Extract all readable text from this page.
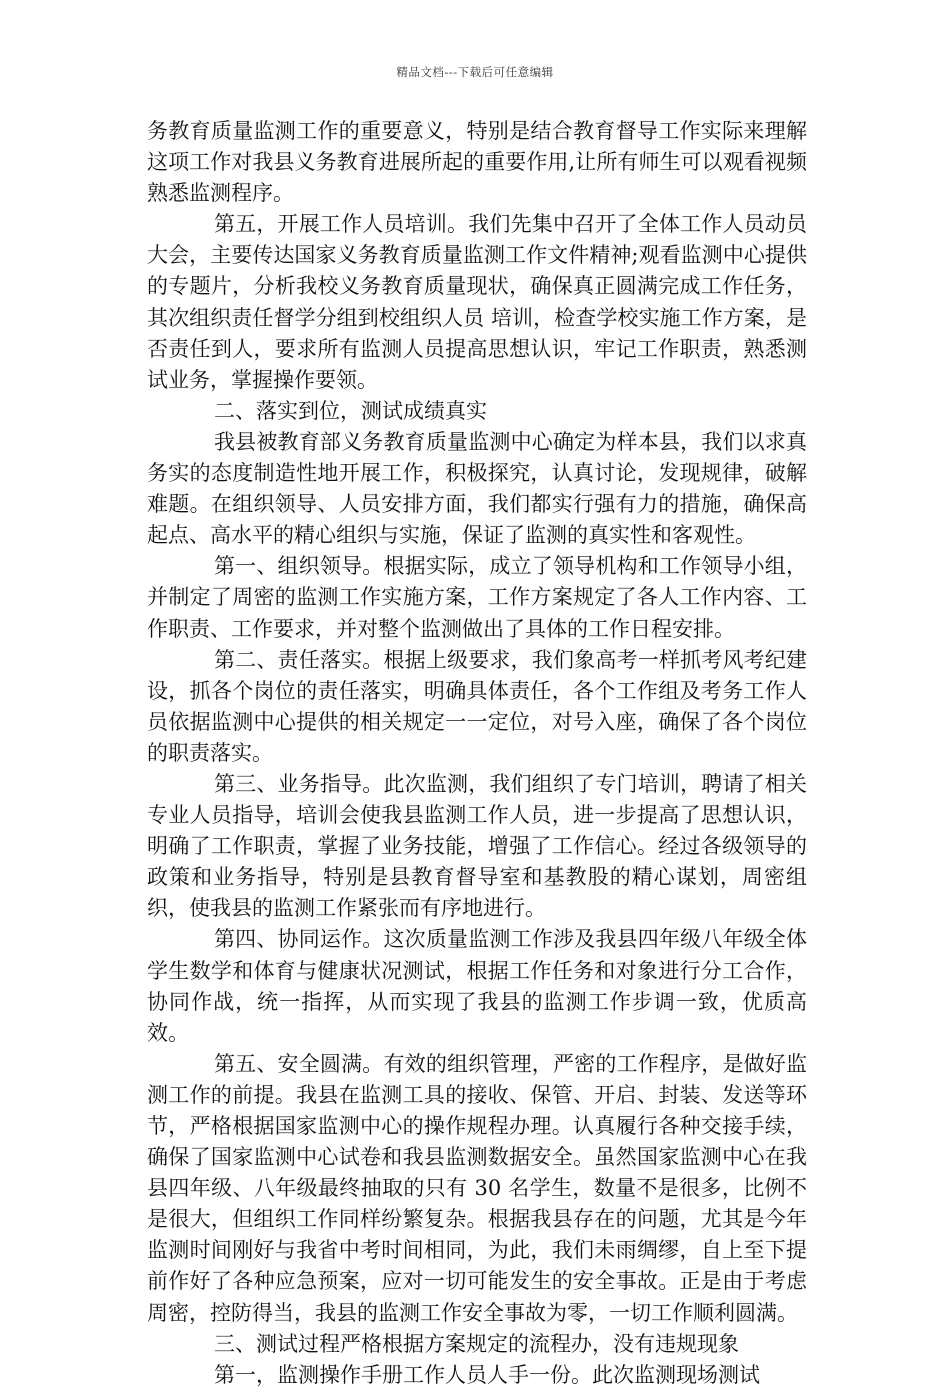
精品文档---下载后可任意编辑

务教育质量监测工作的重要意义，特别是结合教育督导工作实际来理解这项工作对我县义务教育进展所起的重要作用,让所有师生可以观看视频熟悉监测程序。

第五，开展工作人员培训。我们先集中召开了全体工作人员动员大会，主要传达国家义务教育质量监测工作文件精神;观看监测中心提供的专题片，分析我校义务教育质量现状，确保真正圆满完成工作任务，其次组织责任督学分组到校组织人员 培训，检查学校实施工作方案，是否责任到人，要求所有监测人员提高思想认识，牢记工作职责，熟悉测试业务，掌握操作要领。

二、落实到位，测试成绩真实

我县被教育部义务教育质量监测中心确定为样本县，我们以求真务实的态度制造性地开展工作，积极探究，认真讨论，发现规律，破解难题。在组织领导、人员安排方面，我们都实行强有力的措施，确保高起点、高水平的精心组织与实施，保证了监测的真实性和客观性。

第一、组织领导。根据实际，成立了领导机构和工作领导小组，并制定了周密的监测工作实施方案，工作方案规定了各人工作内容、工作职责、工作要求，并对整个监测做出了具体的工作日程安排。

第二、责任落实。根据上级要求，我们象高考一样抓考风考纪建设，抓各个岗位的责任落实，明确具体责任，各个工作组及考务工作人员依据监测中心提供的相关规定一一定位，对号入座，确保了各个岗位的职责落实。

第三、业务指导。此次监测，我们组织了专门培训，聘请了相关专业人员指导，培训会使我县监测工作人员，进一步提高了思想认识，明确了工作职责，掌握了业务技能，增强了工作信心。经过各级领导的政策和业务指导，特别是县教育督导室和基教股的精心谋划，周密组织，使我县的监测工作紧张而有序地进行。

第四、协同运作。这次质量监测工作涉及我县四年级八年级全体学生数学和体育与健康状况测试，根据工作任务和对象进行分工合作，协同作战，统一指挥，从而实现了我县的监测工作步调一致，优质高效。

第五、安全圆满。有效的组织管理，严密的工作程序，是做好监测工作的前提。我县在监测工具的接收、保管、开启、封装、发送等环节，严格根据国家监测中心的操作规程办理。认真履行各种交接手续，确保了国家监测中心试卷和我县监测数据安全。虽然国家监测中心在我县四年级、八年级最终抽取的只有 30 名学生，数量不是很多，比例不是很大，但组织工作同样纷繁复杂。根据我县存在的问题，尤其是今年监测时间刚好与我省中考时间相同，为此，我们未雨绸缪，自上至下提前作好了各种应急预案，应对一切可能发生的安全事故。正是由于考虑周密，控防得当，我县的监测工作安全事故为零，一切工作顺利圆满。

三、测试过程严格根据方案规定的流程办，没有违规现象

第一，监测操作手册工作人员人手一份。此次监测现场测试
